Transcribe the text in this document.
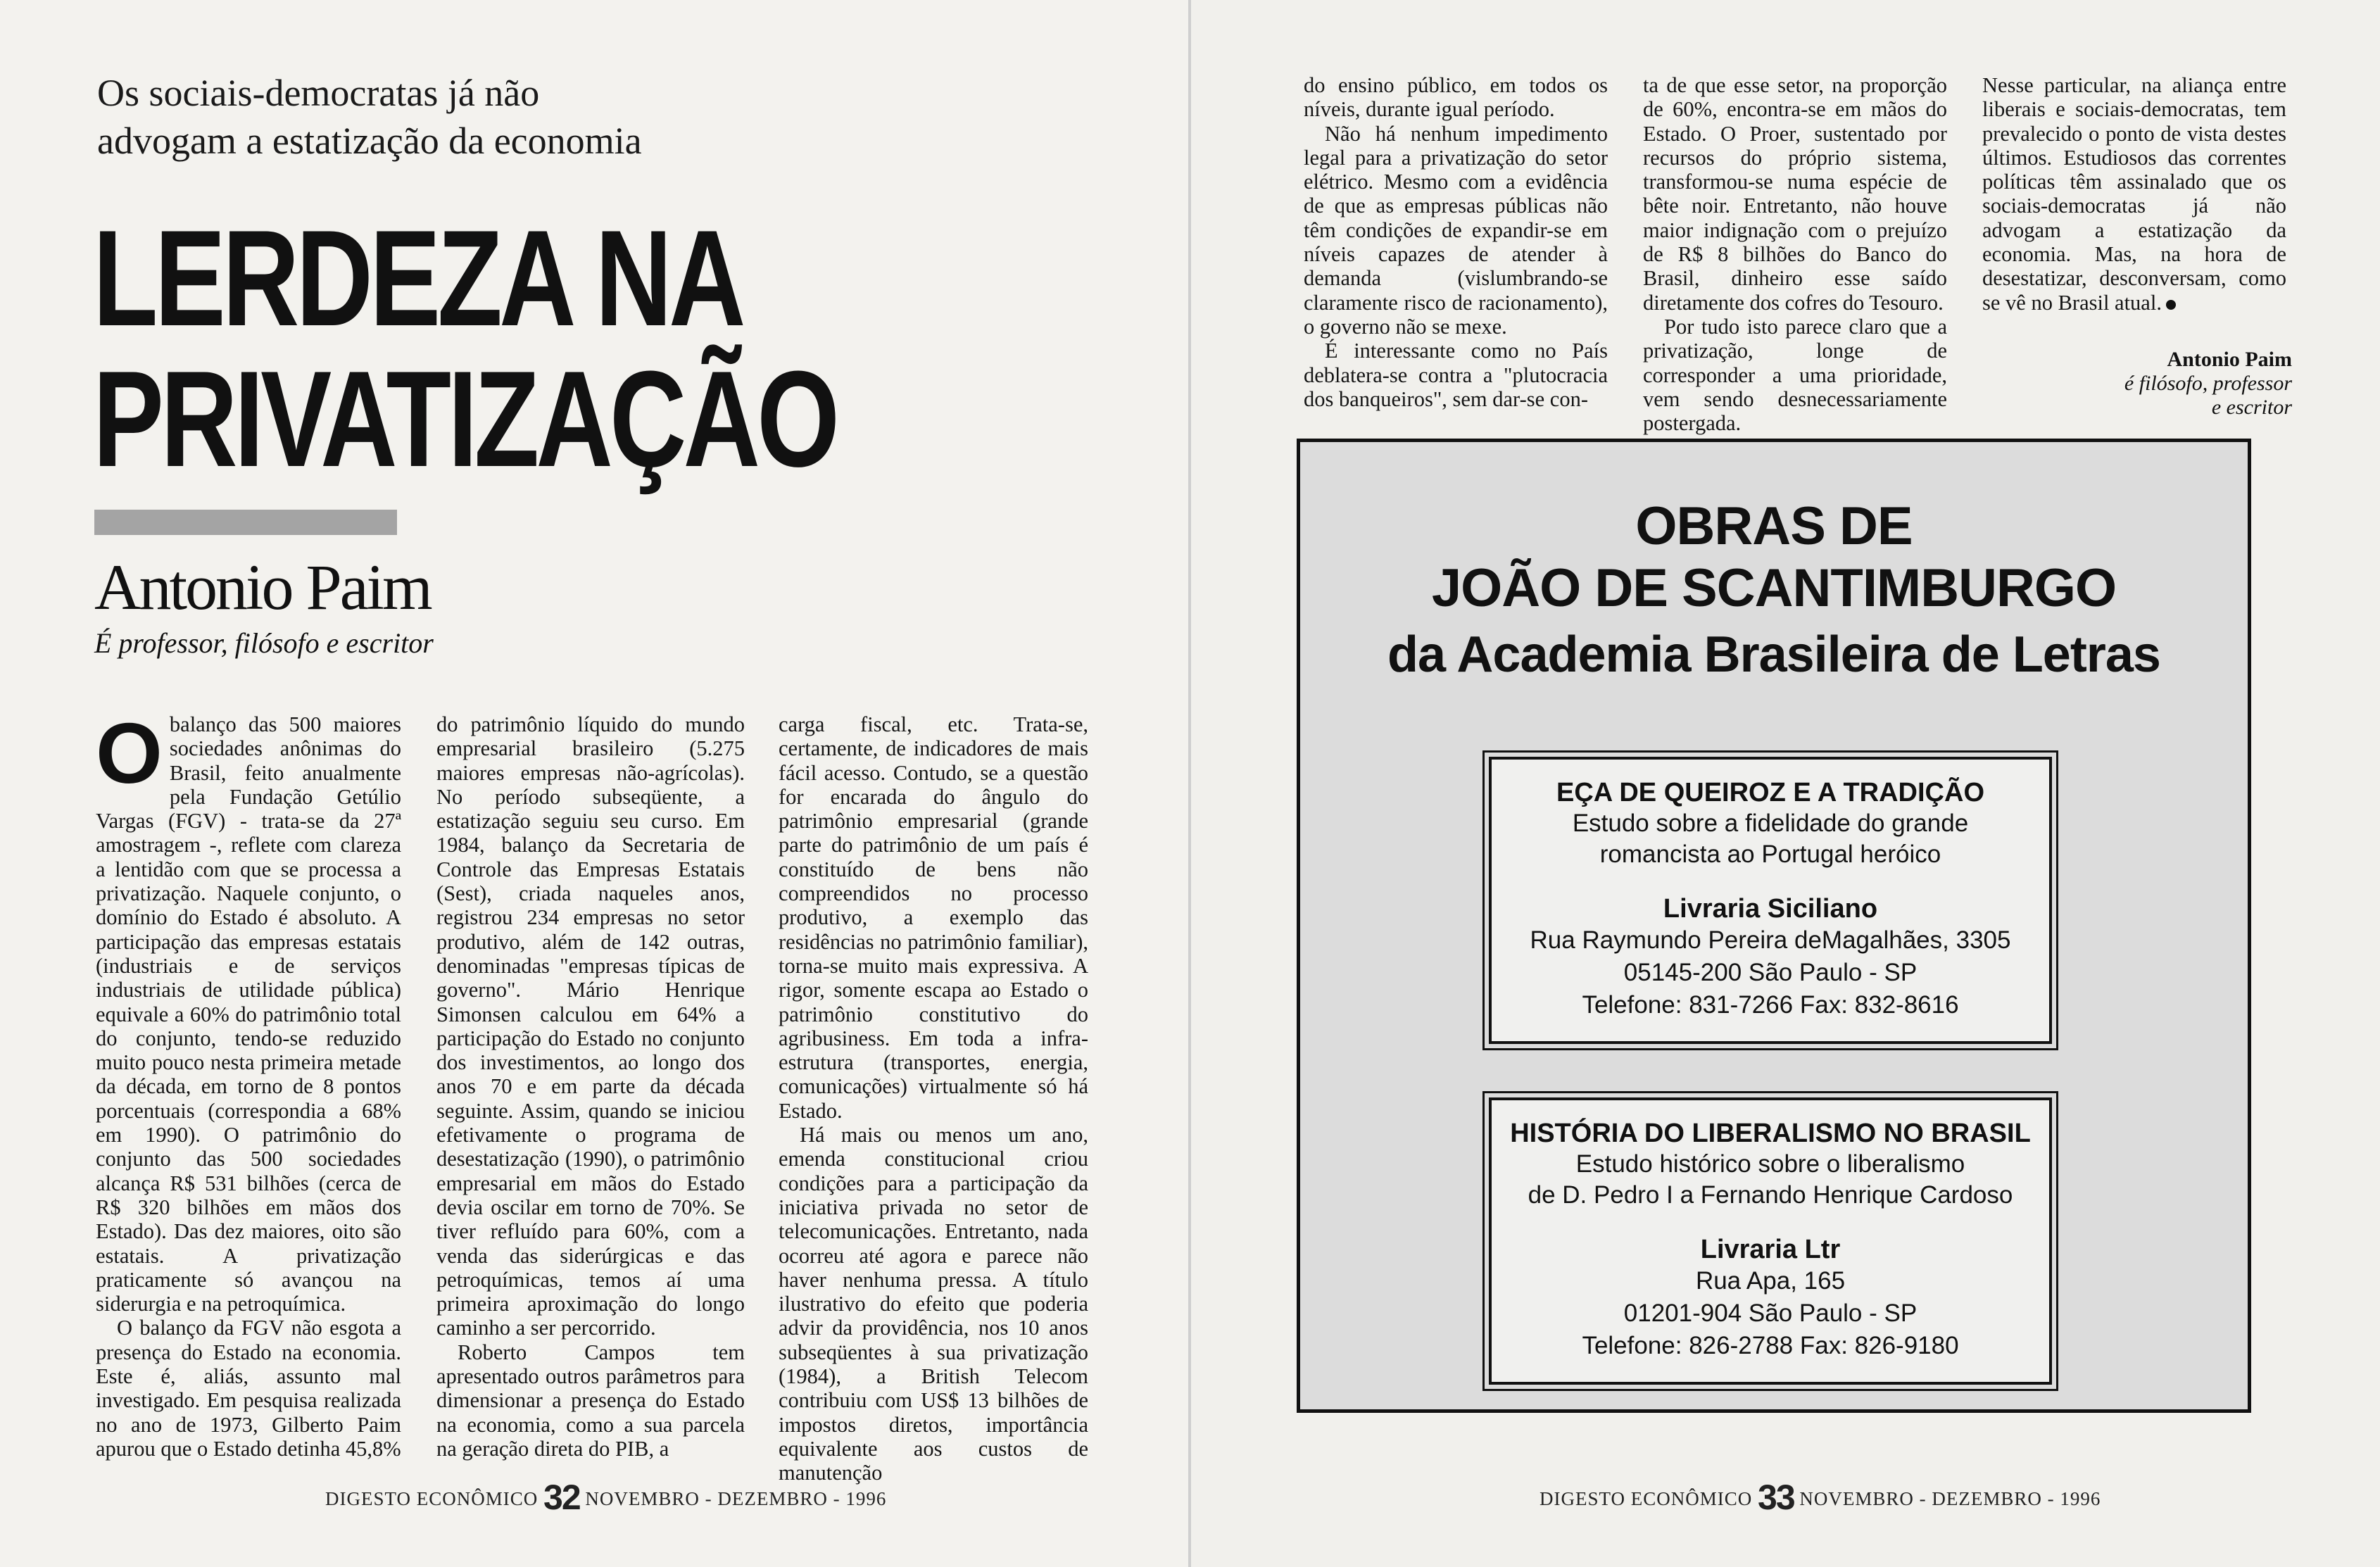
Os sociais-democratas já não
advogam a estatização da economia
LERDEZA NA
PRIVATIZAÇÃO
Antonio Paim
É professor, filósofo e escritor
O balanço das 500 maiores sociedades anônimas do Brasil, feito anualmente pela Fundação Getúlio Vargas (FGV) - trata-se da 27ª amostragem -, reflete com clareza a lentidão com que se processa a privatização. Naquele conjunto, o domínio do Estado é absoluto. A participação das empresas estatais (industriais e de serviços industriais de utilidade pública) equivale a 60% do patrimônio total do conjunto, tendo-se reduzido muito pouco nesta primeira metade da década, em torno de 8 pontos porcentuais (correspondia a 68% em 1990). O patrimônio do conjunto das 500 sociedades alcança R$ 531 bilhões (cerca de R$ 320 bilhões em mãos dos Estado). Das dez maiores, oito são estatais. A privatização praticamente só avançou na siderurgia e na petroquímica.

O balanço da FGV não esgota a presença do Estado na economia. Este é, aliás, assunto mal investigado. Em pesquisa realizada no ano de 1973, Gilberto Paim apurou que o Estado detinha 45,8%

do patrimônio líquido do mundo empresarial brasileiro (5.275 maiores empresas não-agrícolas). No período subseqüente, a estatização seguiu seu curso. Em 1984, balanço da Secretaria de Controle das Empresas Estatais (Sest), criada naqueles anos, registrou 234 empresas no setor produtivo, além de 142 outras, denominadas "empresas típicas de governo". Mário Henrique Simonsen calculou em 64% a participação do Estado no conjunto dos investimentos, ao longo dos anos 70 e em parte da década seguinte. Assim, quando se iniciou efetivamente o programa de desestatização (1990), o patrimônio empresarial em mãos do Estado devia oscilar em torno de 70%. Se tiver refluído para 60%, com a venda das siderúrgicas e das petroquímicas, temos aí uma primeira aproximação do longo caminho a ser percorrido.

Roberto Campos tem apresentado outros parâmetros para dimensionar a presença do Estado na economia, como a sua parcela na geração direta do PIB, a

carga fiscal, etc. Trata-se, certamente, de indicadores de mais fácil acesso. Contudo, se a questão for encarada do ângulo do patrimônio empresarial (grande parte do patrimônio de um país é constituído de bens não compreendidos no processo produtivo, a exemplo das residências no patrimônio familiar), torna-se muito mais expressiva. A rigor, somente escapa ao Estado o patrimônio constitutivo do agribusiness. Em toda a infra-estrutura (transportes, energia, comunicações) virtualmente só há Estado.

Há mais ou menos um ano, emenda constitucional criou condições para a participação da iniciativa privada no setor de telecomunicações. Entretanto, nada ocorreu até agora e parece não haver nenhuma pressa. A título ilustrativo do efeito que poderia advir da providência, nos 10 anos subseqüentes à sua privatização (1984), a British Telecom contribuiu com US$ 13 bilhões de impostos diretos, importância equivalente aos custos de manutenção

DIGESTO ECONÔMICO 32 NOVEMBRO - DEZEMBRO - 1996

do ensino público, em todos os níveis, durante igual período.

Não há nenhum impedimento legal para a privatização do setor elétrico. Mesmo com a evidência de que as empresas públicas não têm condições de expandir-se em níveis capazes de atender à demanda (vislumbrando-se claramente risco de racionamento), o governo não se mexe.

É interessante como no País deblatera-se contra a "plutocracia dos banqueiros", sem dar-se con-

ta de que esse setor, na proporção de 60%, encontra-se em mãos do Estado. O Proer, sustentado por recursos do próprio sistema, transformou-se numa espécie de bête noir. Entretanto, não houve maior indignação com o prejuízo de R$ 8 bilhões do Banco do Brasil, dinheiro esse saído diretamente dos cofres do Tesouro.

Por tudo isto parece claro que a privatização, longe de corresponder a uma prioridade, vem sendo desnecessariamente postergada.

Nesse particular, na aliança entre liberais e sociais-democratas, tem prevalecido o ponto de vista destes últimos. Estudiosos das correntes políticas têm assinalado que os sociais-democratas já não advogam a estatização da economia. Mas, na hora de desestatizar, desconversam, como se vê no Brasil atual.

Antonio Paim
é filósofo, professor
e escritor
OBRAS DE
JOÃO DE SCANTIMBURGO
da Academia Brasileira de Letras
EÇA DE QUEIROZ E A TRADIÇÃO
Estudo sobre a fidelidade do grande
romancista ao Portugal heróico
Livraria Siciliano
Rua Raymundo Pereira deMagalhães, 3305
05145-200 São Paulo - SP
Telefone: 831-7266 Fax: 832-8616
HISTÓRIA DO LIBERALISMO NO BRASIL
Estudo histórico sobre o liberalismo
de D. Pedro I a Fernando Henrique Cardoso
Livraria Ltr
Rua Apa, 165
01201-904 São Paulo - SP
Telefone: 826-2788 Fax: 826-9180
DIGESTO ECONÔMICO 33 NOVEMBRO - DEZEMBRO - 1996
